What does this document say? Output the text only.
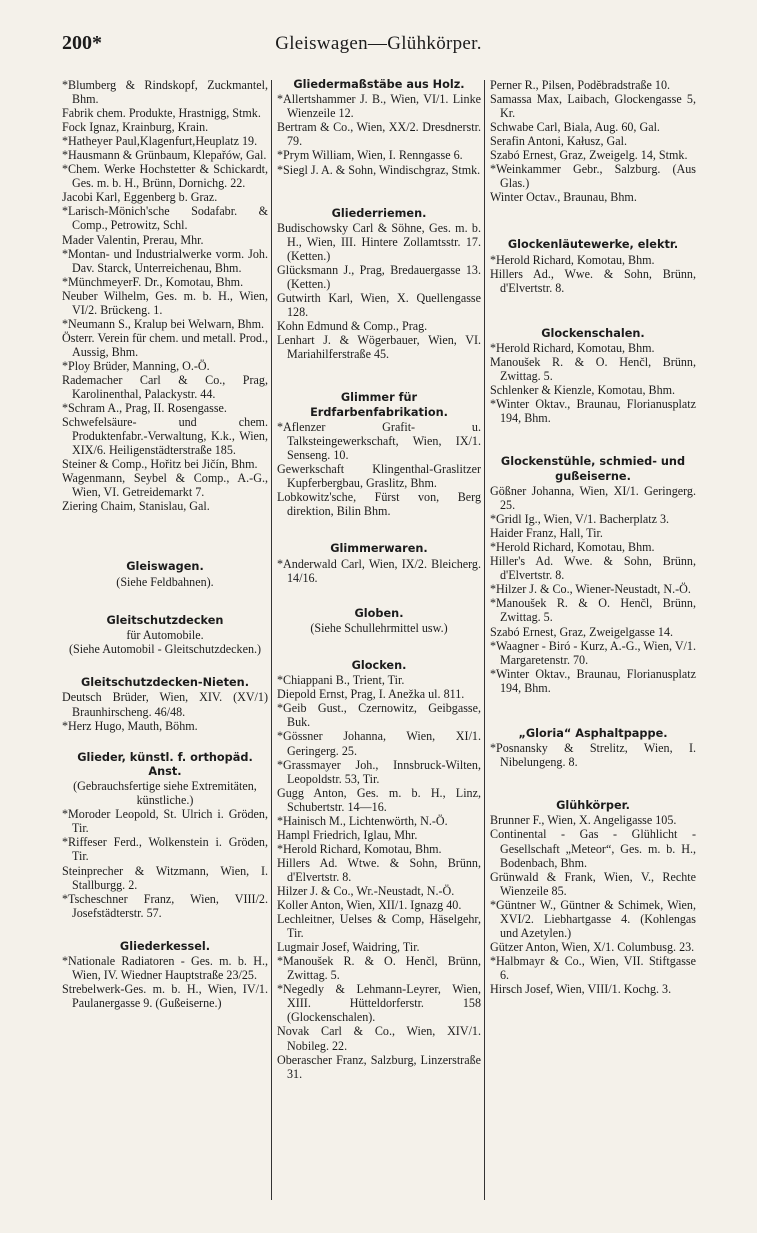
200*	Gleiswagen—Glühkörper.
*Blumberg & Rindskopf, Zuckmantel, Bhm.
Fabrik chem. Produkte, Hrastnigg, Stmk.
Fock Ignaz, Krainburg, Krain.
*Hatheyer Paul,Klagenfurt,Heuplatz 19.
*Hausmann & Grünbaum, Klepařów, Gal.
*Chem. Werke Hochstetter & Schickardt, Ges. m. b. H., Brünn, Dornichg. 22.
Jacobi Karl, Eggenberg b. Graz.
*Larisch-Mönich'sche Sodafabr. & Comp., Petrowitz, Schl.
Mader Valentin, Prerau, Mhr.
*Montan- und Industrialwerke vorm. Joh. Dav. Starck, Unterreichenau, Bhm.
*MünchmeyerF. Dr., Komotau, Bhm.
Neuber Wilhelm, Ges. m. b. H., Wien, VI/2. Brückeng. 1.
*Neumann S., Kralup bei Welwarn, Bhm.
Österr. Verein für chem. und metall. Prod., Aussig, Bhm.
*Ploy Brüder, Manning, O.-Ö.
Rademacher Carl & Co., Prag, Karolinenthal, Palackystr. 44.
*Schram A., Prag, II. Rosengasse.
Schwefelsäure- und chem. Produktenfabr.-Verwaltung, K.k., Wien, XIX/6. Heiligenstädterstraße 185.
Steiner & Comp., Hořitz bei Jičín, Bhm.
Wagenmann, Seybel & Comp., A.-G., Wien, VI. Getreidemarkt 7.
Ziering Chaim, Stanislau, Gal.
Gleiswagen.
(Siehe Feldbahnen).
Gleitschutzdecken
für Automobile.
(Siehe Automobil - Gleitschutzdecken.)
Gleitschutzdecken-Nieten.
Deutsch Brüder, Wien, XIV. (XV/1) Braunhirscheng. 46/48.
*Herz Hugo, Mauth, Böhm.
Glieder, künstl. f. orthopäd. Anst.
(Gebrauchsfertige siehe Extremitäten, künstliche.)
*Moroder Leopold, St. Ulrich i. Gröden, Tir.
*Riffeser Ferd., Wolkenstein i. Gröden, Tir.
Steinprecher & Witzmann, Wien, I. Stallburgg. 2.
*Tscheschner Franz, Wien, VIII/2. Josefstädterstr. 57.
Gliederkessel.
*Nationale Radiatoren - Ges. m. b. H., Wien, IV. Wiedner Hauptstraße 23/25.
Strebelwerk-Ges. m. b. H., Wien, IV/1. Paulanergasse 9. (Gußeiserne.)
Gliedermaßstäbe aus Holz.
*Allertshammer J. B., Wien, VI/1. Linke Wienzeile 12.
Bertram & Co., Wien, XX/2. Dresdnerstr. 79.
*Prym William, Wien, I. Renngasse 6.
*Siegl J. A. & Sohn, Windischgraz, Stmk.
Gliederriemen.
Budischowsky Carl & Söhne, Ges. m. b. H., Wien, III. Hintere Zollamtsstr. 17. (Ketten.)
Glücksmann J., Prag, Bredauergasse 13. (Ketten.)
Gutwirth Karl, Wien, X. Quellengasse 128.
Kohn Edmund & Comp., Prag.
Lenhart J. & Wögerbauer, Wien, VI. Mariahilferstraße 45.
Glimmer für Erdfarbenfabrikation.
*Aflenzer Grafit- u. Talksteingewerkschaft, Wien, IX/1. Senseng. 10.
Gewerkschaft Klingenthal-Graslitzer Kupferbergbau, Graslitz, Bhm.
Lobkowitz'sche, Fürst von, Berg direktion, Bilin Bhm.
Glimmerwaren.
*Anderwald Carl, Wien, IX/2. Bleicherg. 14/16.
Globen.
(Siehe Schullehrmittel usw.)
Glocken.
*Chiappani B., Trient, Tir.
Diepold Ernst, Prag, I. Anežka ul. 811.
*Geib Gust., Czernowitz, Geibgasse, Buk.
*Gössner Johanna, Wien, XI/1. Geringerg. 25.
*Grassmayer Joh., Innsbruck-Wilten, Leopoldstr. 53, Tir.
Gugg Anton, Ges. m. b. H., Linz, Schubertstr. 14—16.
*Hainisch M., Lichtenwörth, N.-Ö.
Hampl Friedrich, Iglau, Mhr.
*Herold Richard, Komotau, Bhm.
Hillers Ad. Wtwe. & Sohn, Brünn, d'Elvertstr. 8.
Hilzer J. & Co., Wr.-Neustadt, N.-Ö.
Koller Anton, Wien, XII/1. Ignazg 40.
Lechleitner, Uelses & Comp, Häselgehr, Tir.
Lugmair Josef, Waidring, Tir.
*Manoušek R. & O. Henčl, Brünn, Zwittag. 5.
*Negedly & Lehmann-Leyrer, Wien, XIII. Hütteldorferstr. 158 (Glockenschalen).
Novak Carl & Co., Wien, XIV/1. Nobileg. 22.
Oberascher Franz, Salzburg, Linzerstraße 31.
Perner R., Pilsen, Podĕbradstraße 10.
Samassa Max, Laibach, Glockengasse 5, Kr.
Schwabe Carl, Biala, Aug. 60, Gal.
Serafin Antoni, Kałusz, Gal.
Szabó Ernest, Graz, Zweigelg. 14, Stmk.
*Weinkammer Gebr., Salzburg. (Aus Glas.)
Winter Octav., Braunau, Bhm.
Glockenläutewerke, elektr.
*Herold Richard, Komotau, Bhm.
Hillers Ad., Wwe. & Sohn, Brünn, d'Elvertstr. 8.
Glockenschalen.
*Herold Richard, Komotau, Bhm.
Manoušek R. & O. Henčl, Brünn, Zwittag. 5.
Schlenker & Kienzle, Komotau, Bhm.
*Winter Oktav., Braunau, Florianusplatz 194, Bhm.
Glockenstühle, schmied- und gußeiserne.
Gößner Johanna, Wien, XI/1. Geringerg. 25.
*Gridl Ig., Wien, V/1. Bacherplatz 3.
Haider Franz, Hall, Tir.
*Herold Richard, Komotau, Bhm.
Hiller's Ad. Wwe. & Sohn, Brünn, d'Elvertstr. 8.
*Hilzer J. & Co., Wiener-Neustadt, N.-Ö.
*Manoušek R. & O. Henčl, Brünn, Zwittag. 5.
Szabó Ernest, Graz, Zweigelgasse 14.
*Waagner - Biró - Kurz, A.-G., Wien, V/1. Margaretenstr. 70.
*Winter Oktav., Braunau, Florianusplatz 194, Bhm.
„Gloria“ Asphaltpappe.
*Posnansky & Strelitz, Wien, I. Nibelungeng. 8.
Glühkörper.
Brunner F., Wien, X. Angeligasse 105.
Continental - Gas - Glühlicht - Gesellschaft „Meteor“, Ges. m. b. H., Bodenbach, Bhm.
Grünwald & Frank, Wien, V., Rechte Wienzeile 85.
*Güntner W., Güntner & Schimek, Wien, XVI/2. Liebhartgasse 4. (Kohlengas und Azetylen.)
Gützer Anton, Wien, X/1. Columbusg. 23.
*Halbmayr & Co., Wien, VII. Stiftgasse 6.
Hirsch Josef, Wien, VIII/1. Kochg. 3.
